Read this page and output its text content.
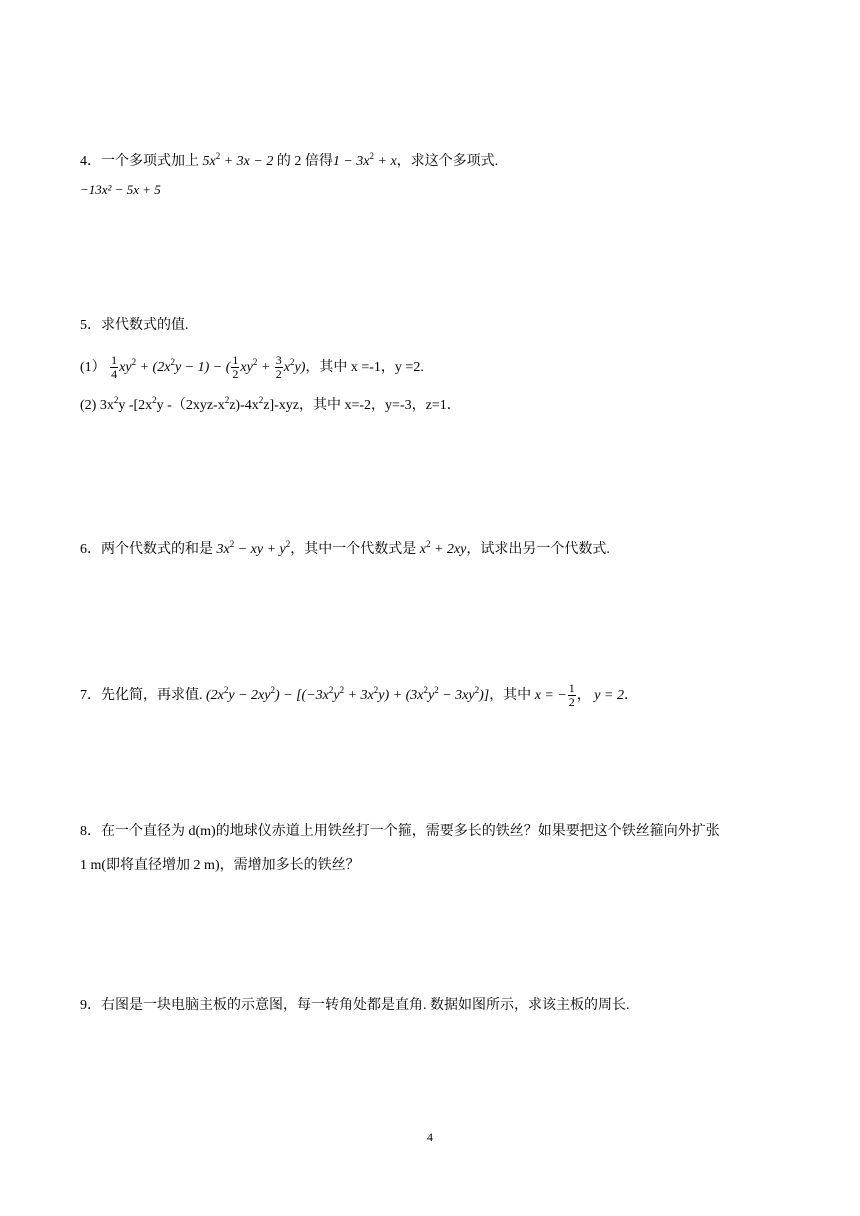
4．一个多项式加上 $5x^2 + 3x - 2$ 的 2 倍得$1 - 3x^2 + x$，求这个多项式.
−13x² − 5x + 5
5．求代数式的值.
$(1) \frac{1}{4} xy^2 + (2x^2y - 1)$ − ( $\frac{1}{2} xy^2 + \frac{3}{2} x^2y$)，其中 x =-1，y =2.
(2) $3x^2y$ $-[2x^2y$ $-(2xyz-x^2z)-4x^2z$]-xyz，其中 x=-2，y=-3，z=1．
6．两个代数式的和是 $3x^2$ − xy + $y^2$，其中一个代数式是 $x^2 + 2xy$，试求出另一个代数式.
7．先化简，再求值. $(2x^2y - 2xy^2) - [(-3x^2y^2 + 3x^2y) + (3x^2y^2 - 3xy^2)]$，其中 x = − $\frac{1}{2}$ ， y = 2．
8．在一个直径为 d(m)的地球仪赤道上用铁丝打一个箍，需要多长的铁丝？如果要把这个铁丝箍向外扩张
1 m(即将直径增加 2 m)，需增加多长的铁丝？
9．右图是一块电脑主板的示意图，每一转角处都是直角. 数据如图所示，求该主板的周长.
4
